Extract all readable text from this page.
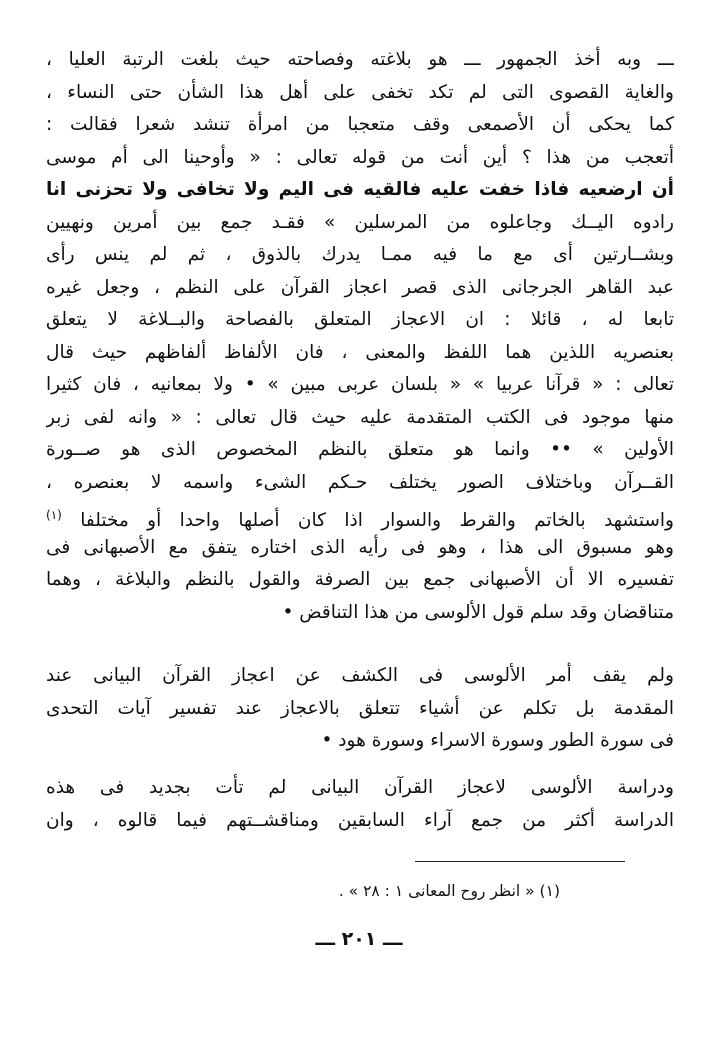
ـــ وبه أخذ الجمهور ـــ هو بلاغته وفصاحته حيث بلغت الرتبة العليا ،
والغاية القصوى التى لم تكد تخفى على أهل هذا الشأن حتى النساء ،
كما يحكى أن الأصمعى وقف متعجبا من امرأة تنشد شعرا فقالت :
أتعجب من هذا ؟ أين أنت من قوله تعالى : « وأوحينا الى أم موسى
أن ارضعيه فاذا خفت عليه فالقيه فى اليم ولا تخافى ولا تحزنى انا
رادوه اليــك وجاعلوه من المرسلين » فقـد جمع بين أمرين ونهيين
وبشــارتين أى مع ما فيه ممـا يدرك بالذوق ، ثم لم ينس رأى
عبد القاهر الجرجانى الذى قصر اعجاز القرآن على النظم ، وجعل غيره
تابعا له ، قائلا : ان الاعجاز المتعلق بالفصاحة والبــلاغة لا يتعلق
بعنصريه اللذين هما اللفظ والمعنى ، فان الألفاظ ألفاظهم حيث قال
تعالى : « قرآنا عربيا » « بلسان عربى مبين » • ولا بمعانيه ، فان كثيرا
منها موجود فى الكتب المتقدمة عليه حيث قال تعالى : « وانه لفى زبر
الأولين » •• وانما هو متعلق بالنظم المخصوص الذى هو صــورة
القــرآن وباختلاف الصور يختلف حـكم الشىء واسمه لا بعنصره ،
واستشهد بالخاتم والقرط والسوار اذا كان أصلها واحدا أو مختلفا $^{(١)}$
وهو مسبوق الى هذا ، وهو فى رأيه الذى اختاره يتفق مع الأصبهانى فى
تفسيره الا أن الأصبهانى جمع بين الصرفة والقول بالنظم والبلاغة ، وهما
متناقضان وقد سلم قول الألوسى من هذا التناقض •
ولم يقف أمر الألوسى فى الكشف عن اعجاز القرآن البيانى عند
المقدمة بل تكلم عن أشياء تتعلق بالاعجاز عند تفسير آيات التحدى
فى سورة الطور وسورة الاسراء وسورة هود •
ودراسة الألوسى لاعجاز القرآن البيانى لم تأت بجديد فى هذه
الدراسة أكثر من جمع آراء السابقين ومناقشــتهم فيما قالوه ، وان
(١) « انظر روح المعانى ١ : ٢٨ » .
ـــ ٢٠١ ـــ
